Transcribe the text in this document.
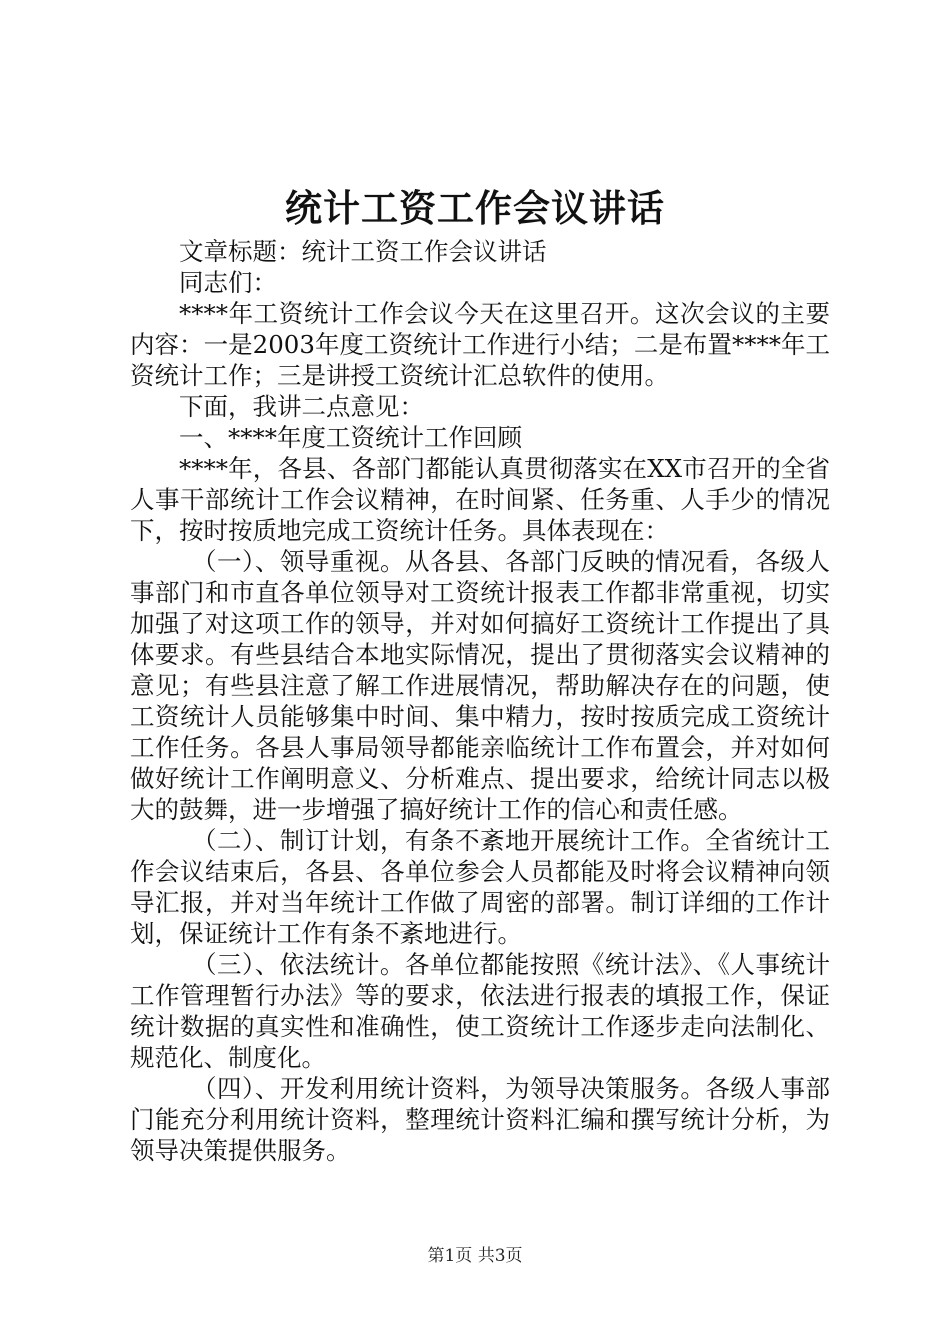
统计工资工作会议讲话

文章标题：统计工资工作会议讲话

同志们：

****年工资统计工作会议今天在这里召开。这次会议的主要内容：一是2003年度工资统计工作进行小结；二是布置****年工资统计工作；三是讲授工资统计汇总软件的使用。

下面，我讲二点意见：

一、****年度工资统计工作回顾

****年，各县、各部门都能认真贯彻落实在XX市召开的全省人事干部统计工作会议精神，在时间紧、任务重、人手少的情况下，按时按质地完成工资统计任务。具体表现在：

（一）、领导重视。从各县、各部门反映的情况看，各级人事部门和市直各单位领导对工资统计报表工作都非常重视，切实加强了对这项工作的领导，并对如何搞好工资统计工作提出了具体要求。有些县结合本地实际情况，提出了贯彻落实会议精神的意见；有些县注意了解工作进展情况，帮助解决存在的问题，使工资统计人员能够集中时间、集中精力，按时按质完成工资统计工作任务。各县人事局领导都能亲临统计工作布置会，并对如何做好统计工作阐明意义、分析难点、提出要求，给统计同志以极大的鼓舞，进一步增强了搞好统计工作的信心和责任感。

（二）、制订计划，有条不紊地开展统计工作。全省统计工作会议结束后，各县、各单位参会人员都能及时将会议精神向领导汇报，并对当年统计工作做了周密的部署。制订详细的工作计划，保证统计工作有条不紊地进行。

（三）、依法统计。各单位都能按照《统计法》、《人事统计工作管理暂行办法》等的要求，依法进行报表的填报工作，保证统计数据的真实性和准确性，使工资统计工作逐步走向法制化、规范化、制度化。

（四）、开发利用统计资料，为领导决策服务。各级人事部门能充分利用统计资料，整理统计资料汇编和撰写统计分析，为领导决策提供服务。

第1页 共3页
